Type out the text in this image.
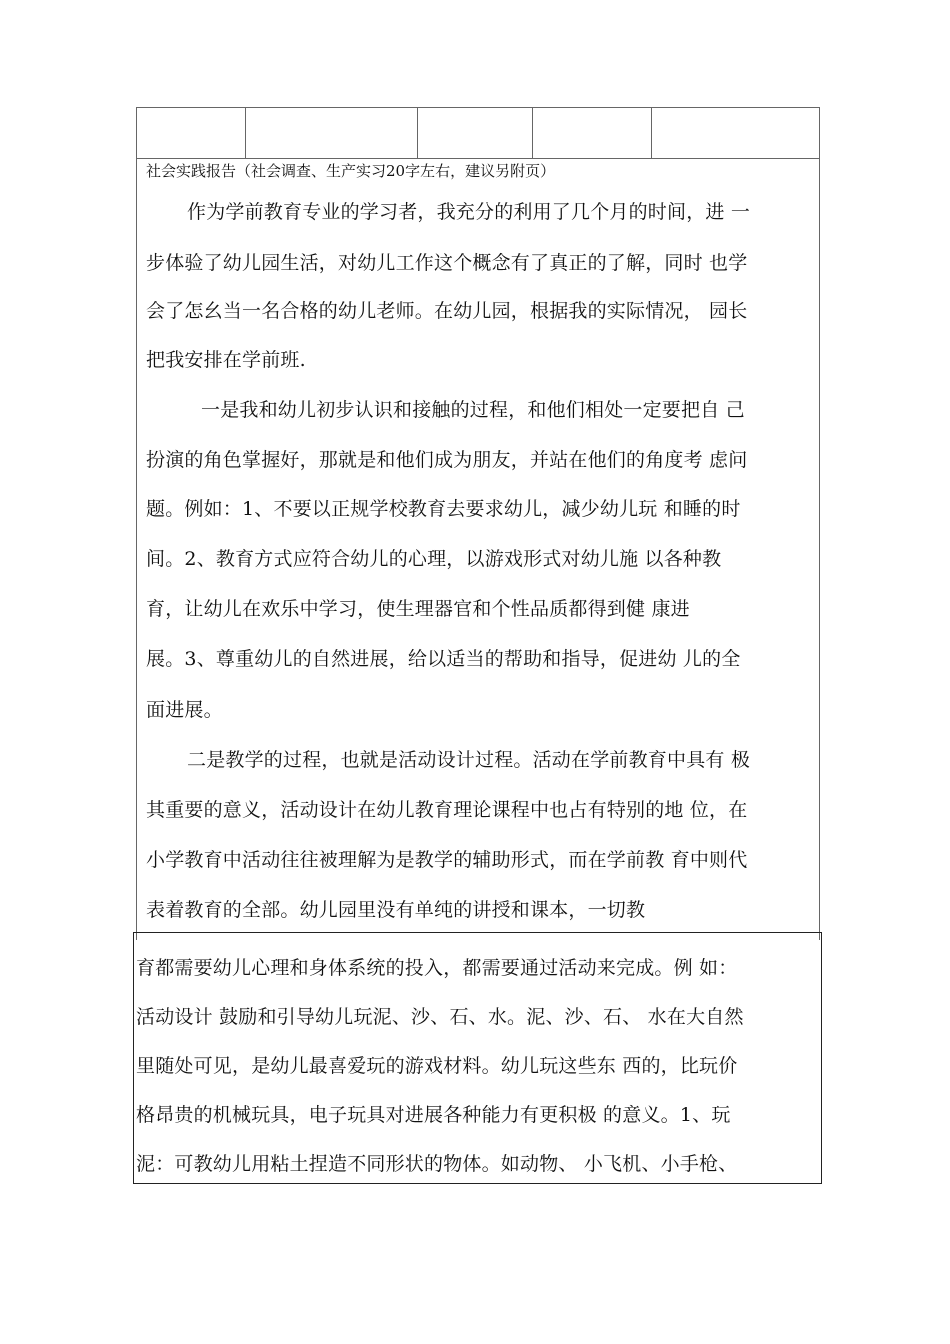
社会实践报告（社会调查、生产实习20字左右，建议另附页）
作为学前教育专业的学习者，我充分的利用了几个月的时间，进 一
步体验了幼儿园生活，对幼儿工作这个概念有了真正的了解，同时 也学
会了怎幺当一名合格的幼儿老师。在幼儿园，根据我的实际情况， 园长
把我安排在学前班.
一是我和幼儿初步认识和接触的过程，和他们相处一定要把自 己
扮演的角色掌握好，那就是和他们成为朋友，并站在他们的角度考 虑问
题。例如：1、不要以正规学校教育去要求幼儿，减少幼儿玩 和睡的时
间。2、教育方式应符合幼儿的心理，以游戏形式对幼儿施 以各种教
育，让幼儿在欢乐中学习，使生理器官和个性品质都得到健 康进
展。3、尊重幼儿的自然进展，给以适当的帮助和指导，促进幼 儿的全
面进展。
二是教学的过程，也就是活动设计过程。活动在学前教育中具有 极
其重要的意义，活动设计在幼儿教育理论课程中也占有特别的地 位，在
小学教育中活动往往被理解为是教学的辅助形式，而在学前教 育中则代
表着教育的全部。幼儿园里没有单纯的讲授和课本，一切教
育都需要幼儿心理和身体系统的投入，都需要通过活动来完成。例 如：
活动设计 鼓励和引导幼儿玩泥、沙、石、水。泥、沙、石、 水在大自然
里随处可见，是幼儿最喜爱玩的游戏材料。幼儿玩这些东 西的，比玩价
格昂贵的机械玩具，电子玩具对进展各种能力有更积极 的意义。1、玩
泥：可教幼儿用粘土捏造不同形状的物体。如动物、 小飞机、小手枪、
